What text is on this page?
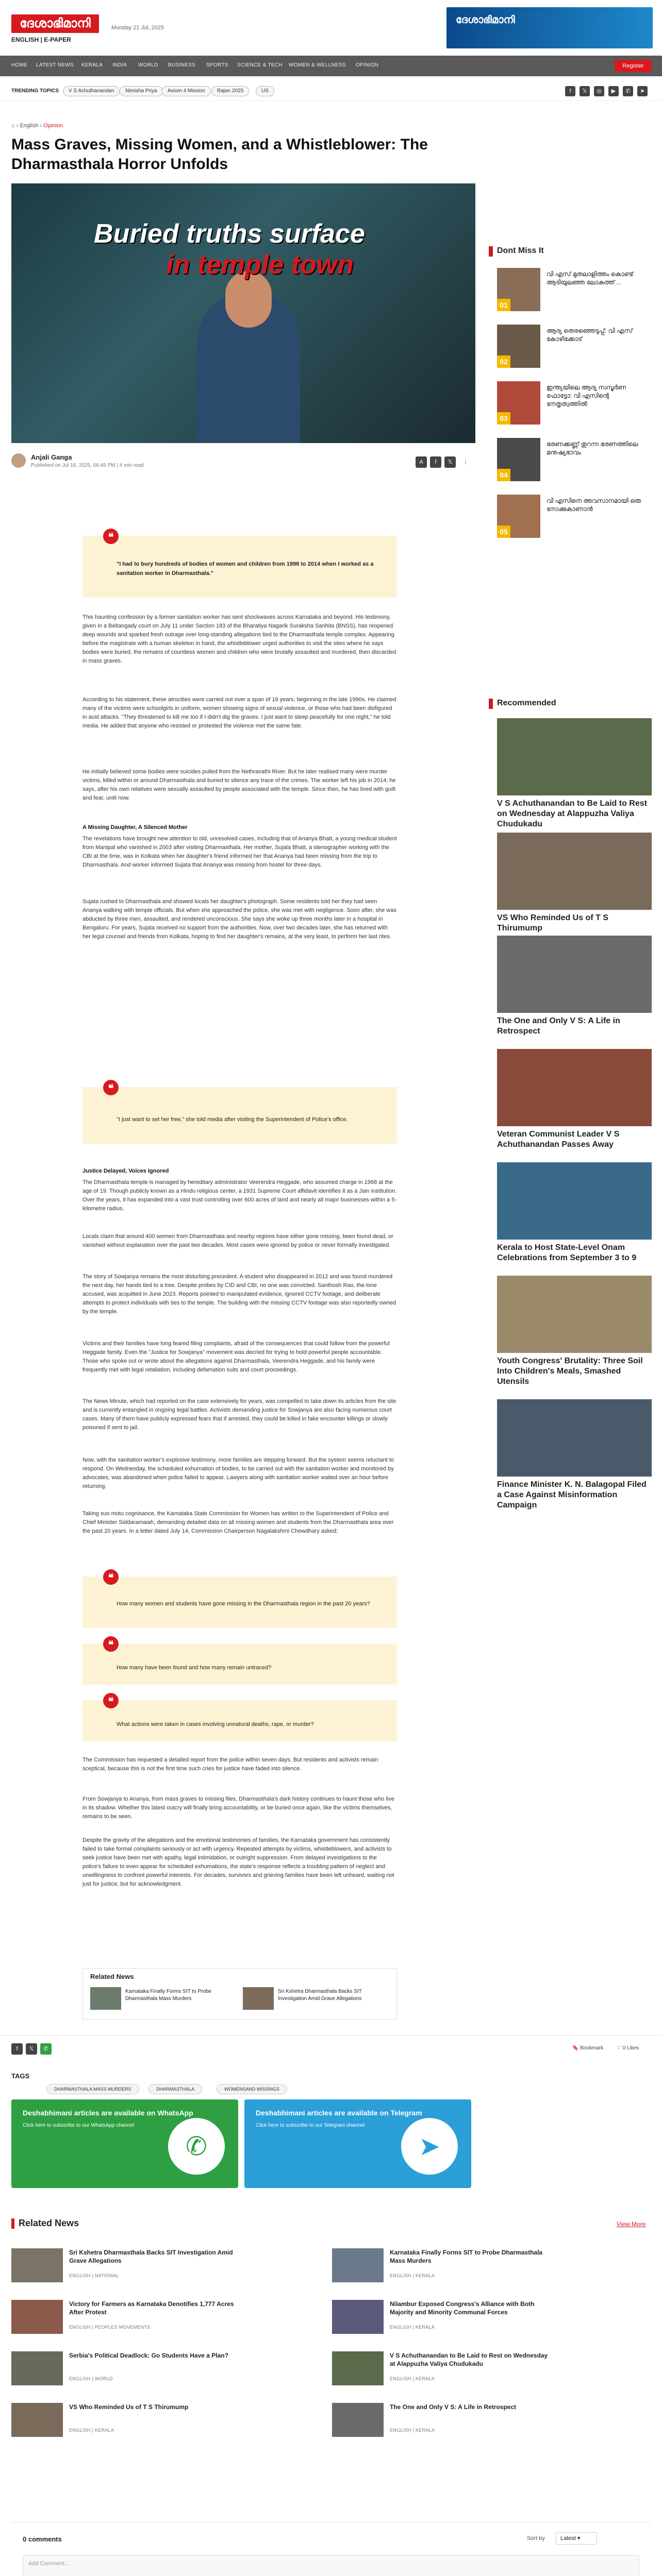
ദേശാഭിമാനി
ENGLISH | E-PAPER
Monday 21 Jul, 2025
ദേശാഭിമാനി
HOME LATEST NEWS KERALA INDIA WORLD BUSINESS SPORTS SCIENCE & TECH WOMEN & WELLNESS OPINION	Register
TRENDING TOPICS	V S Achuthanandan	Nimisha Priya	Axiom 4 Mission	Rajan 2025	US	f	𝕏	◎	▶	✆	➤
⌂ › English › Opinion
Mass Graves, Missing Women, and a Whistleblower: The Dharmasthala Horror Unfolds
Buried truths surface
in temple town
Anjali Ganga
Published on Jul 18, 2025, 06:45 PM | 4 min read
A	f	𝕏	⋮
❝

"I had to bury hundreds of bodies of women and children from 1998 to 2014 when I worked as a sanitation worker in Dharmasthala."

This haunting confession by a former sanitation worker has sent shockwaves across Karnataka and beyond. His testimony, given in a Beltangady court on July 11 under Section 183 of the Bharatiya Nagarik Suraksha Sanhita (BNSS), has reopened deep wounds and sparked fresh outrage over long-standing allegations tied to the Dharmasthala temple complex. Appearing before the magistrate with a human skeleton in hand, the whistleblower urged authorities to visit the sites where he says bodies were buried, the remains of countless women and children who were brutally assaulted and murdered, then discarded in mass graves.

According to his statement, these atrocities were carried out over a span of 16 years, beginning in the late 1990s. He claimed many of the victims were schoolgirls in uniform, women showing signs of sexual violence, or those who had been disfigured in acid attacks. "They threatened to kill me too if I didn't dig the graves. I just want to sleep peacefully for one night," he told media. He added that anyone who resisted or protested the violence met the same fate.

He initially believed some bodies were suicides pulled from the Nethravathi River. But he later realised many were murder victims, killed within or around Dharmasthala and buried to silence any trace of the crimes. The worker left his job in 2014; he says, after his own relatives were sexually assaulted by people associated with the temple. Since then, he has lived with guilt and fear, until now.

A Missing Daughter, A Silenced Mother

The revelations have brought new attention to old, unresolved cases, including that of Ananya Bhatt, a young medical student from Manipal who vanished in 2003 after visiting Dharmasthala. Her mother, Sujata Bhatt, a stenographer working with the CBI at the time, was in Kolkata when her daughter's friend informed her that Ananya had been missing from the trip to Dharmasthala. And worker informed Sujata that Ananya was missing from hostel for three days.

Sujata rushed to Dharmasthala and showed locals her daughter's photograph. Some residents told her they had seen Ananya walking with temple officials. But when she approached the police, she was met with negligence. Soon after, she was abducted by three men, assaulted, and rendered unconscious. She says she woke up three months later in a hospital in Bengaluru. For years, Sujata received no support from the authorities. Now, over two decades later, she has returned with her legal counsel and friends from Kolkata, hoping to find her daughter's remains, at the very least, to perform her last rites.

❝

"I just want to set her free," she told media after visiting the Superintendent of Police's office.

Justice Delayed, Voices Ignored

The Dharmasthala temple is managed by hereditary administrator Veerendra Heggade, who assumed charge in 1968 at the age of 19. Though publicly known as a Hindu religious center, a 1931 Supreme Court affidavit identifies it as a Jain institution. Over the years, it has expanded into a vast trust controlling over 600 acres of land and nearly all major businesses within a 5-kilometre radius.

Locals claim that around 400 women from Dharmasthala and nearby regions have either gone missing, been found dead, or vanished without explanation over the past two decades. Most cases were ignored by police or never formally investigated.

The story of Sowjanya remains the most disturbing precedent. A student who disappeared in 2012 and was found murdered the next day, her hands tied to a tree. Despite probes by CID and CBI, no one was convicted. Santhosh Rao, the lone accused, was acquitted in June 2023. Reports pointed to manipulated evidence, ignored CCTV footage, and deliberate attempts to protect individuals with ties to the temple. The building with the missing CCTV footage was also reportedly owned by the temple.

Victims and their families have long feared filing complaints, afraid of the consequences that could follow from the powerful Heggade family. Even the "Justice for Sowjanya" movement was decried for trying to hold powerful people accountable. Those who spoke out or wrote about the allegations against Dharmasthala, Veerendra Heggade, and his family were frequently met with legal retaliation, including defamation suits and court proceedings.

The News Minute, which had reported on the case extensively for years, was compelled to take down its articles from the site and is currently entangled in ongoing legal battles. Activists demanding justice for Sowjanya are also facing numerous court cases. Many of them have publicly expressed fears that if arrested, they could be killed in fake encounter killings or slowly poisoned if sent to jail.

Now, with the sanitation worker's explosive testimony, more families are stepping forward. But the system seems reluctant to respond. On Wednesday, the scheduled exhumation of bodies, to be carried out with the sanitation worker and monitored by advocates, was abandoned when police failed to appear. Lawyers along with sanitation worker waited over an hour before returning.

Taking suo motu cognisance, the Karnataka State Commission for Women has written to the Superintendent of Police and Chief Minister Siddaramaiah, demanding detailed data on all missing women and students from the Dharmasthala area over the past 20 years. In a letter dated July 14, Commission Chairperson Nagalakshmi Chowdhary asked:

❝

How many women and students have gone missing in the Dharmasthala region in the past 20 years?

❝

How many have been found and how many remain untraced?

❝

What actions were taken in cases involving unnatural deaths, rape, or murder?

The Commission has requested a detailed report from the police within seven days. But residents and activists remain sceptical, because this is not the first time such cries for justice have faded into silence.

From Sowjanya to Ananya, from mass graves to missing files, Dharmasthala's dark history continues to haunt those who live in its shadow. Whether this latest outcry will finally bring accountability, or be buried once again, like the victims themselves, remains to be seen.

Despite the gravity of the allegations and the emotional testimonies of families, the Karnataka government has consistently failed to take formal complaints seriously or act with urgency. Repeated attempts by victims, whistleblowers, and activists to seek justice have been met with apathy, legal intimidation, or outright suppression. From delayed investigations to the police's failure to even appear for scheduled exhumations, the state's response reflects a troubling pattern of neglect and unwillingness to confront powerful interests. For decades, survivors and grieving families have been left unheard, waiting not just for justice, but for acknowledgment.

Related News
Karnataka Finally Forms SIT to Probe Dharmasthala Mass Murders
Sri Kshetra Dharmasthala Backs SIT Investigation Amid Grave Allegations
Dont Miss It
01
വി എസ് മുതലാളിത്തം കൊണ്ട് ആടിയുലഞ്ഞ ലോകത്ത് ...
02
ആദ്യ തെരഞ്ഞെടുപ്പ്: വി എസ് കോഴിക്കോട്
03
ഇന്ത്യയിലെ ആദ്യ സമ്പൂർണ ഫോട്ടോ: വി എസിന്റെ നേതൃത്വത്തിൽ
04
ഭരണക്കണ്ണ് തുറന്ന ഭരണത്തിലെ മനുഷ്യഭാവം
05
വി എസിനെ അവസാനമായി ഒരു നോക്കുകാണാൻ
Recommended
V S Achuthanandan to Be Laid to Rest on Wednesday at Alappuzha Valiya Chudukadu
VS Who Reminded Us of T S Thirumump
The One and Only V S: A Life in Retrospect
Veteran Communist Leader V S Achuthanandan Passes Away
Kerala to Host State-Level Onam Celebrations from September 3 to 9
Youth Congress' Brutality: Three Soil Into Children's Meals, Smashed Utensils
Finance Minister K. N. Balagopal Filed a Case Against Misinformation Campaign
f	𝕏	✆	🔖 Bookmark	♡ 0 Likes
TAGS
DHARMASTHALA MASS MURDERS	DHARMASTHALA	WOMENSAND MISSINGS
Deshabhimani articles are available on WhatsApp

Click here to subscribe to our WhatsApp channel

✆
Deshabhimani articles are available on Telegram

Click here to subscribe to our Telegram channel

➤
Related News	View More
Sri Kshetra Dharmasthala Backs SIT Investigation Amid Grave Allegations
ENGLISH | NATIONAL
Karnataka Finally Forms SIT to Probe Dharmasthala Mass Murders
ENGLISH | KERALA
Victory for Farmers as Karnataka Denotifies 1,777 Acres After Protest
ENGLISH | PEOPLES MOVEMENTS
Nilambur Exposed Congress's Alliance with Both Majority and Minority Communal Forces
ENGLISH | KERALA
Serbia's Political Deadlock: Go Students Have a Plan?
ENGLISH | WORLD
V S Achuthanandan to Be Laid to Rest on Wednesday at Alappuzha Valiya Chudukadu
ENGLISH | KERALA
VS Who Reminded Us of T S Thirumump
ENGLISH | KERALA
The One and Only V S: A Life in Retrospect
ENGLISH | KERALA
0 comments	Sort by	Latest ▾
Add Comment...
